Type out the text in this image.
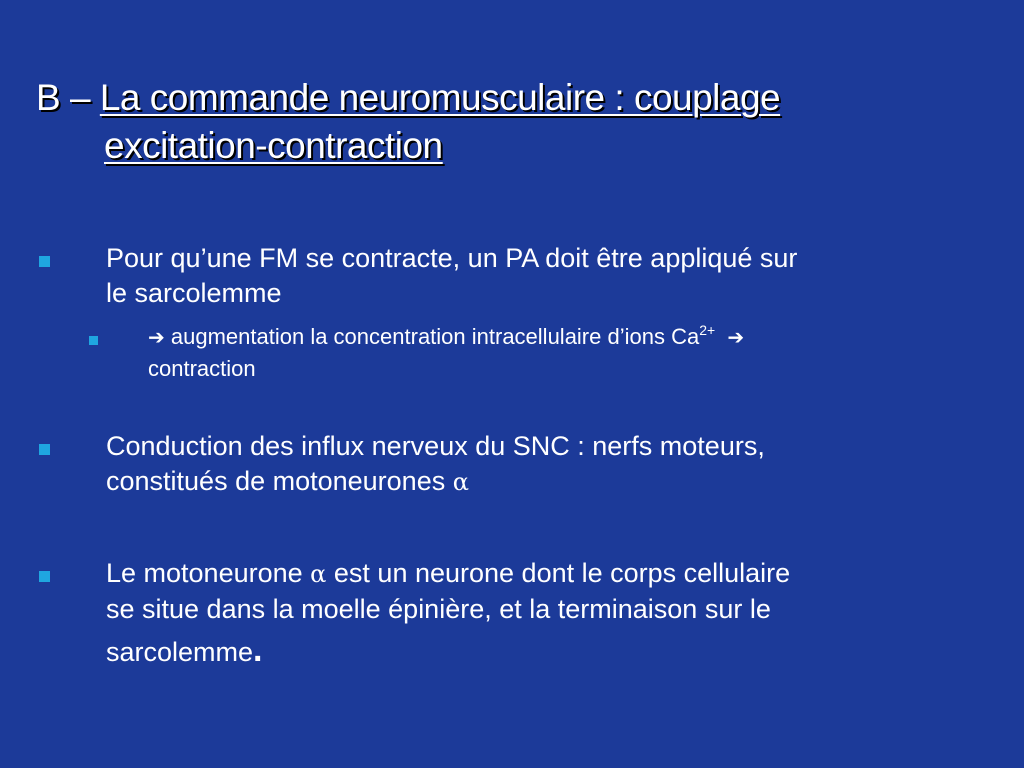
B – La commande neuromusculaire : couplage
excitation-contraction
Pour qu’une FM se contracte, un PA doit être appliqué sur
le sarcolemme
➔ augmentation la concentration intracellulaire d’ions $Ca^{2+}$ ➔
contraction
Conduction des influx nerveux du SNC : nerfs moteurs,
constitués de motoneurones α
Le motoneurone α est un neurone dont le corps cellulaire
se situe dans la moelle épinière, et la terminaison sur le
sarcolemme.
